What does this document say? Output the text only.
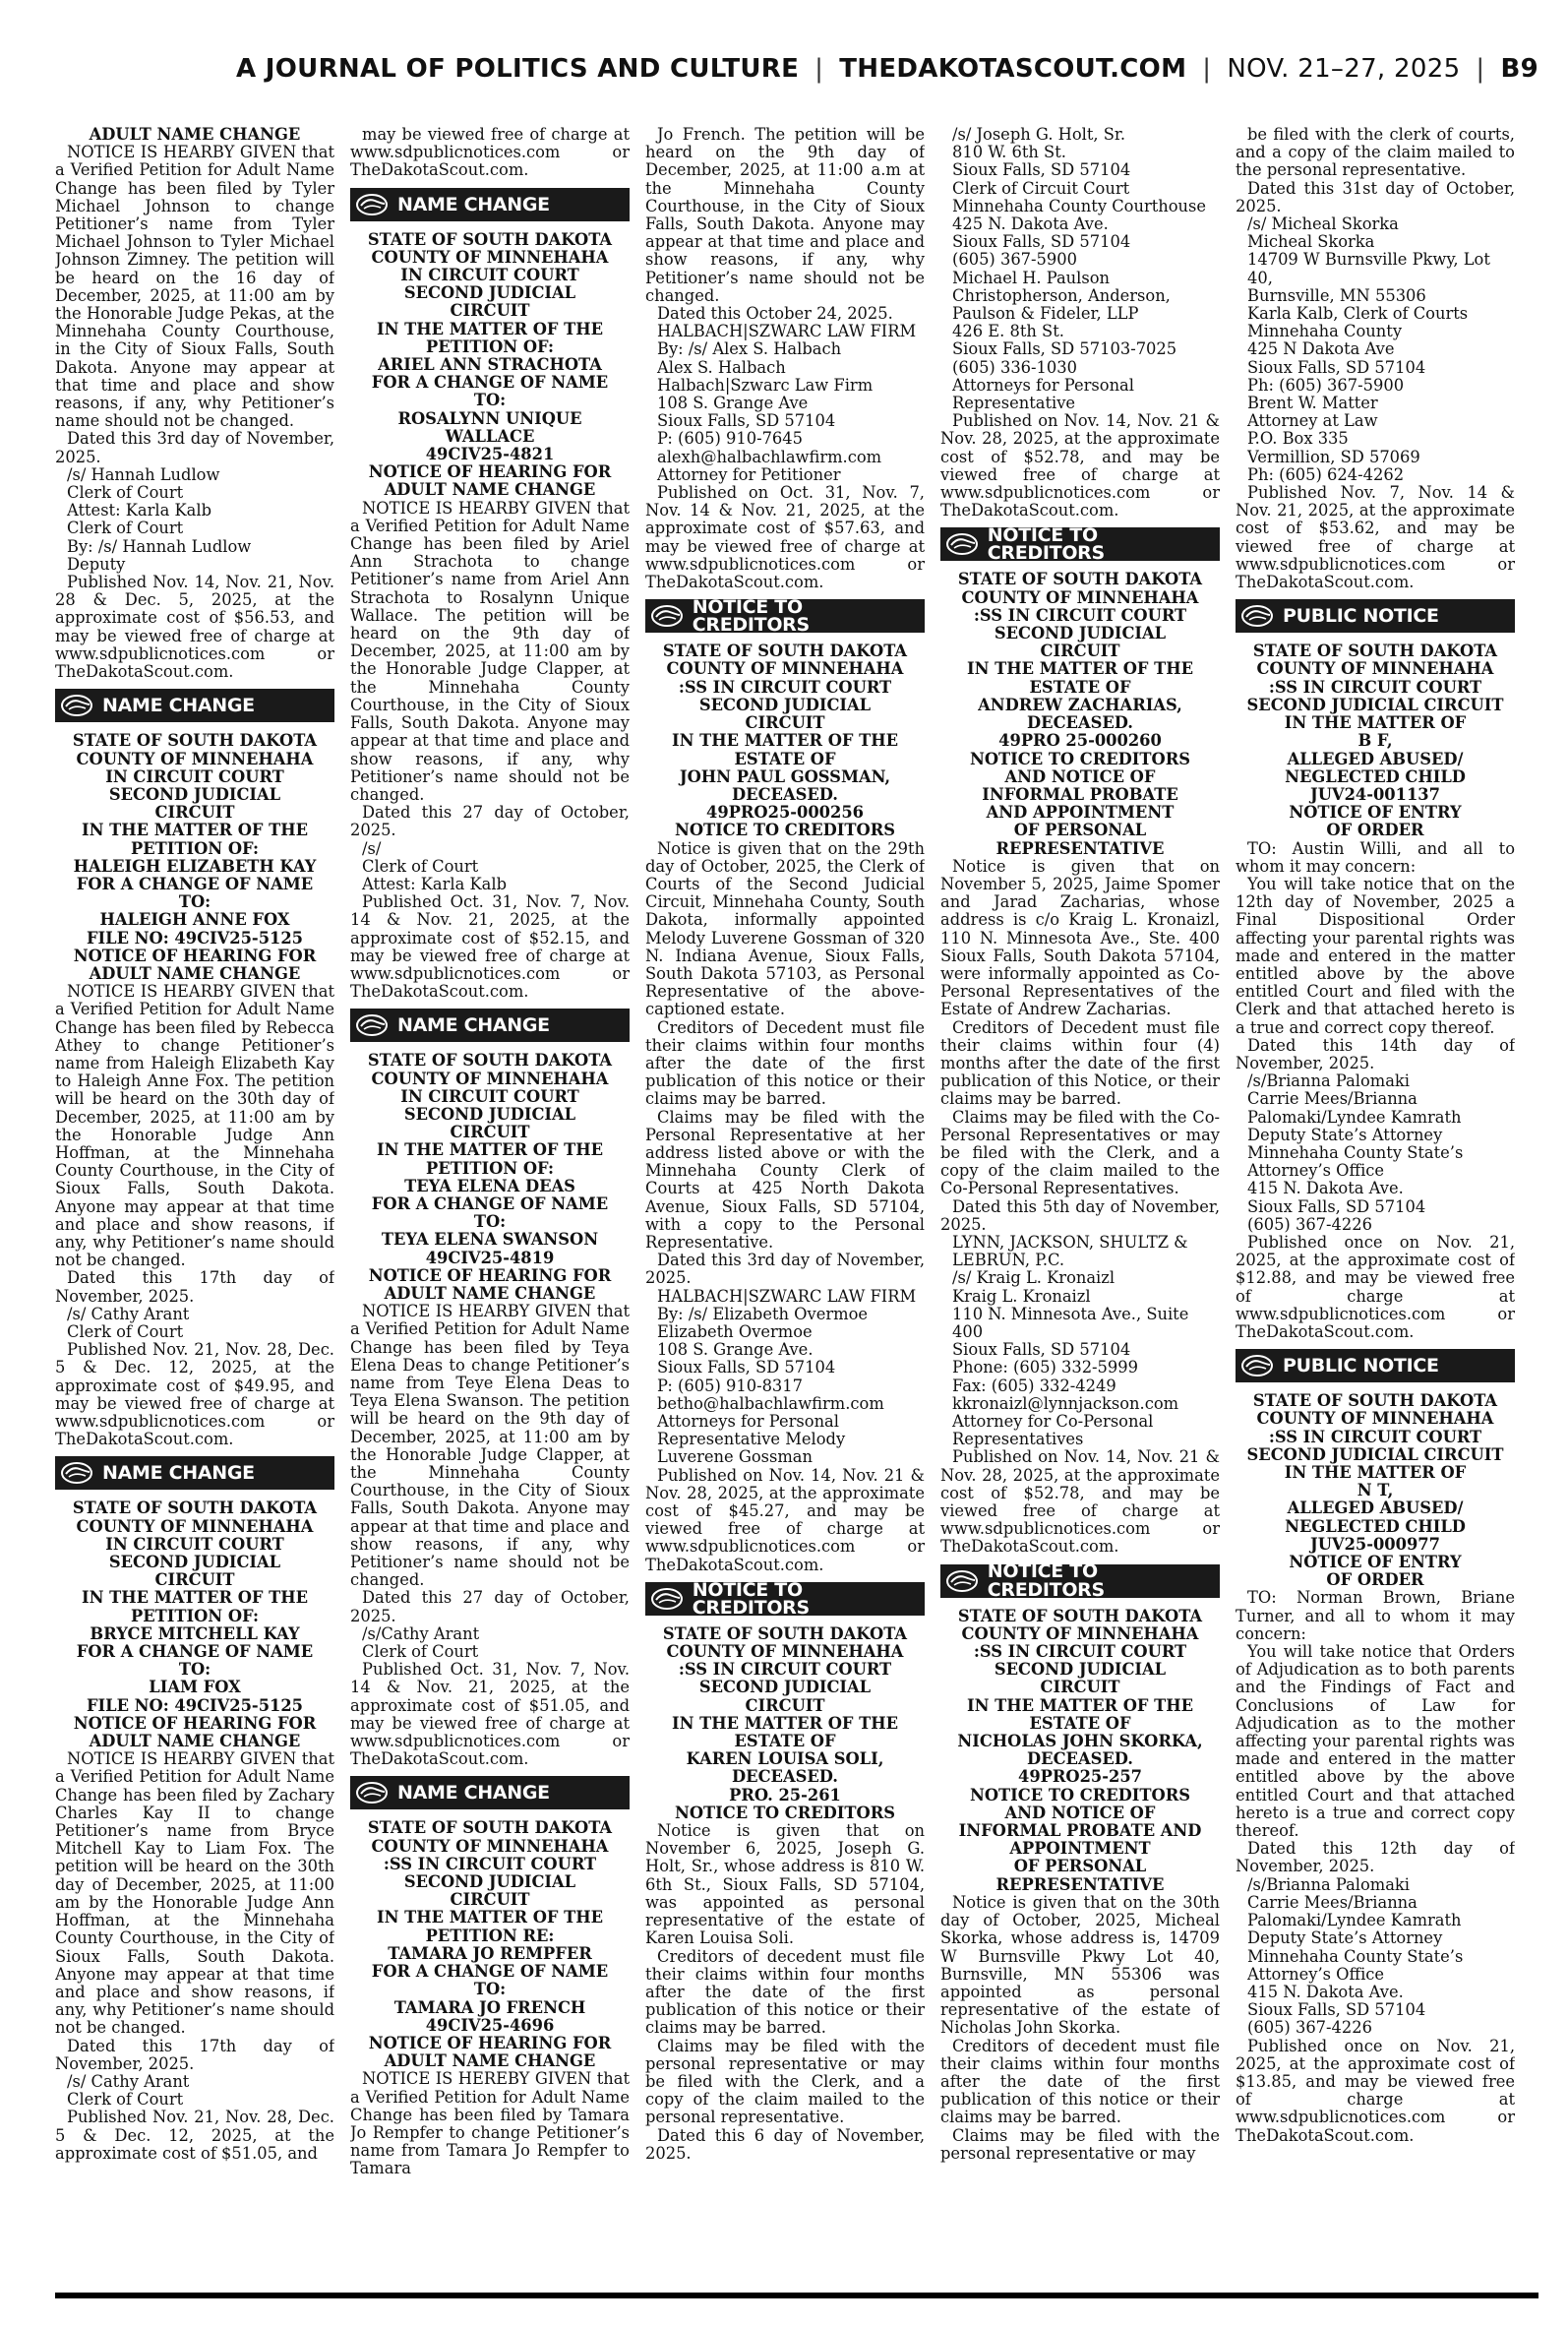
A JOURNAL OF POLITICS AND CULTURE | THEDAKOTASCOUT.COM | NOV. 21–27, 2025 | B9
ADULT NAME CHANGE
NOTICE IS HEARBY GIVEN that a Verified Petition for Adult Name Change has been filed by Tyler Michael Johnson to change Petitioner’s name from Tyler Michael Johnson to Tyler Michael Johnson Zimney. The petition will be heard on the 16 day of December, 2025, at 11:00 am by the Honorable Judge Pekas, at the Minnehaha County Courthouse, in the City of Sioux Falls, South Dakota. Anyone may appear at that time and place and show reasons, if any, why Petitioner’s name should not be changed.
Dated this 3rd day of November, 2025.
/s/ Hannah Ludlow
Clerk of Court
Attest: Karla Kalb
Clerk of Court
By: /s/ Hannah Ludlow
Deputy
Published Nov. 14, Nov. 21, Nov. 28 & Dec. 5, 2025, at the approximate cost of $56.53, and may be viewed free of charge at www.sdpublicnotices.com or TheDakotaScout.com.
NAME CHANGE
STATE OF SOUTH DAKOTA
COUNTY OF MINNEHAHA
IN CIRCUIT COURT
SECOND JUDICIAL
CIRCUIT
IN THE MATTER OF THE
PETITION OF:
HALEIGH ELIZABETH KAY
FOR A CHANGE OF NAME
TO:
HALEIGH ANNE FOX
FILE NO: 49CIV25-5125
NOTICE OF HEARING FOR
ADULT NAME CHANGE
NOTICE IS HEARBY GIVEN that a Verified Petition for Adult Name Change has been filed by Rebecca Athey to change Petitioner’s name from Haleigh Elizabeth Kay to Haleigh Anne Fox. The petition will be heard on the 30th day of December, 2025, at 11:00 am by the Honorable Judge Ann Hoffman, at the Minnehaha County Courthouse, in the City of Sioux Falls, South Dakota. Anyone may appear at that time and place and show reasons, if any, why Petitioner’s name should not be changed.
Dated this 17th day of November, 2025.
/s/ Cathy Arant
Clerk of Court
Published Nov. 21, Nov. 28, Dec. 5 & Dec. 12, 2025, at the approximate cost of $49.95, and may be viewed free of charge at www.sdpublicnotices.com or TheDakotaScout.com.
NAME CHANGE
STATE OF SOUTH DAKOTA
COUNTY OF MINNEHAHA
IN CIRCUIT COURT
SECOND JUDICIAL
CIRCUIT
IN THE MATTER OF THE
PETITION OF:
BRYCE MITCHELL KAY
FOR A CHANGE OF NAME
TO:
LIAM FOX
FILE NO: 49CIV25-5125
NOTICE OF HEARING FOR
ADULT NAME CHANGE
NOTICE IS HEARBY GIVEN that a Verified Petition for Adult Name Change has been filed by Zachary Charles Kay II to change Petitioner’s name from Bryce Mitchell Kay to Liam Fox. The petition will be heard on the 30th day of December, 2025, at 11:00 am by the Honorable Judge Ann Hoffman, at the Minnehaha County Courthouse, in the City of Sioux Falls, South Dakota. Anyone may appear at that time and place and show reasons, if any, why Petitioner’s name should not be changed.
Dated this 17th day of November, 2025.
/s/ Cathy Arant
Clerk of Court
Published Nov. 21, Nov. 28, Dec. 5 & Dec. 12, 2025, at the approximate cost of $51.05, and
may be viewed free of charge at www.sdpublicnotices.com or TheDakotaScout.com.
NAME CHANGE
STATE OF SOUTH DAKOTA
COUNTY OF MINNEHAHA
IN CIRCUIT COURT
SECOND JUDICIAL
CIRCUIT
IN THE MATTER OF THE
PETITION OF:
ARIEL ANN STRACHOTA
FOR A CHANGE OF NAME
TO:
ROSALYNN UNIQUE
WALLACE
49CIV25-4821
NOTICE OF HEARING FOR
ADULT NAME CHANGE
NOTICE IS HEARBY GIVEN that a Verified Petition for Adult Name Change has been filed by Ariel Ann Strachota to change Petitioner’s name from Ariel Ann Strachota to Rosalynn Unique Wallace. The petition will be heard on the 9th day of December, 2025, at 11:00 am by the Honorable Judge Clapper, at the Minnehaha County Courthouse, in the City of Sioux Falls, South Dakota. Anyone may appear at that time and place and show reasons, if any, why Petitioner’s name should not be changed.
Dated this 27 day of October, 2025.
/s/
Clerk of Court
Attest: Karla Kalb
Published Oct. 31, Nov. 7, Nov. 14 & Nov. 21, 2025, at the approximate cost of $52.15, and may be viewed free of charge at www.sdpublicnotices.com or TheDakotaScout.com.
NAME CHANGE
STATE OF SOUTH DAKOTA
COUNTY OF MINNEHAHA
IN CIRCUIT COURT
SECOND JUDICIAL
CIRCUIT
IN THE MATTER OF THE
PETITION OF:
TEYA ELENA DEAS
FOR A CHANGE OF NAME
TO:
TEYA ELENA SWANSON
49CIV25-4819
NOTICE OF HEARING FOR
ADULT NAME CHANGE
NOTICE IS HEARBY GIVEN that a Verified Petition for Adult Name Change has been filed by Teya Elena Deas to change Petitioner’s name from Teye Elena Deas to Teya Elena Swanson. The petition will be heard on the 9th day of December, 2025, at 11:00 am by the Honorable Judge Clapper, at the Minnehaha County Courthouse, in the City of Sioux Falls, South Dakota. Anyone may appear at that time and place and show reasons, if any, why Petitioner’s name should not be changed.
Dated this 27 day of October, 2025.
/s/Cathy Arant
Clerk of Court
Published Oct. 31, Nov. 7, Nov. 14 & Nov. 21, 2025, at the approximate cost of $51.05, and may be viewed free of charge at www.sdpublicnotices.com or TheDakotaScout.com.
NAME CHANGE
STATE OF SOUTH DAKOTA
COUNTY OF MINNEHAHA
:SS IN CIRCUIT COURT
SECOND JUDICIAL
CIRCUIT
IN THE MATTER OF THE
PETITION RE:
TAMARA JO REMPFER
FOR A CHANGE OF NAME
TO:
TAMARA JO FRENCH
49CIV25-4696
NOTICE OF HEARING FOR
ADULT NAME CHANGE
NOTICE IS HEREBY GIVEN that a Verified Petition for Adult Name Change has been filed by Tamara Jo Rempfer to change Petitioner’s name from Tamara Jo Rempfer to Tamara
Jo French. The petition will be heard on the 9th day of December, 2025, at 11:00 a.m at the Minnehaha County Courthouse, in the City of Sioux Falls, South Dakota. Anyone may appear at that time and place and show reasons, if any, why Petitioner’s name should not be changed.
Dated this October 24, 2025.
HALBACH|SZWARC LAW FIRM
By: /s/ Alex S. Halbach
Alex S. Halbach
Halbach|Szwarc Law Firm
108 S. Grange Ave
Sioux Falls, SD 57104
P: (605) 910-7645
alexh@halbachlawfirm.com
Attorney for Petitioner
Published on Oct. 31, Nov. 7, Nov. 14 & Nov. 21, 2025, at the approximate cost of $57.63, and may be viewed free of charge at www.sdpublicnotices.com or TheDakotaScout.com.
NOTICE TO CREDITORS
STATE OF SOUTH DAKOTA
COUNTY OF MINNEHAHA
:SS IN CIRCUIT COURT
SECOND JUDICIAL
CIRCUIT
IN THE MATTER OF THE
ESTATE OF
JOHN PAUL GOSSMAN,
DECEASED.
49PRO25-000256
NOTICE TO CREDITORS
Notice is given that on the 29th day of October, 2025, the Clerk of Courts of the Second Judicial Circuit, Minnehaha County, South Dakota, informally appointed Melody Luverene Gossman of 320 N. Indiana Avenue, Sioux Falls, South Dakota 57103, as Personal Representative of the above-captioned estate.
Creditors of Decedent must file their claims within four months after the date of the first publication of this notice or their claims may be barred.
Claims may be filed with the Personal Representative at her address listed above or with the Minnehaha County Clerk of Courts at 425 North Dakota Avenue, Sioux Falls, SD 57104, with a copy to the Personal Representative.
Dated this 3rd day of November, 2025.
HALBACH|SZWARC LAW FIRM
By: /s/ Elizabeth Overmoe
Elizabeth Overmoe
108 S. Grange Ave.
Sioux Falls, SD 57104
P: (605) 910-8317
betho@halbachlawfirm.com
Attorneys for Personal Representative Melody Luverene Gossman
Published on Nov. 14, Nov. 21 & Nov. 28, 2025, at the approximate cost of $45.27, and may be viewed free of charge at www.sdpublicnotices.com or TheDakotaScout.com.
NOTICE TO CREDITORS
STATE OF SOUTH DAKOTA
COUNTY OF MINNEHAHA
:SS IN CIRCUIT COURT
SECOND JUDICIAL
CIRCUIT
IN THE MATTER OF THE
ESTATE OF
KAREN LOUISA SOLI,
DECEASED.
PRO. 25-261
NOTICE TO CREDITORS
Notice is given that on November 6, 2025, Joseph G. Holt, Sr., whose address is 810 W. 6th St., Sioux Falls, SD 57104, was appointed as personal representative of the estate of Karen Louisa Soli.
Creditors of decedent must file their claims within four months after the date of the first publication of this notice or their claims may be barred.
Claims may be filed with the personal representative or may be filed with the Clerk, and a copy of the claim mailed to the personal representative.
Dated this 6 day of November, 2025.
/s/ Joseph G. Holt, Sr.
810 W. 6th St.
Sioux Falls, SD 57104
Clerk of Circuit Court
Minnehaha County Courthouse
425 N. Dakota Ave.
Sioux Falls, SD 57104
(605) 367-5900
Michael H. Paulson
Christopherson, Anderson, Paulson & Fideler, LLP
426 E. 8th St.
Sioux Falls, SD 57103-7025
(605) 336-1030
Attorneys for Personal Representative
Published on Nov. 14, Nov. 21 & Nov. 28, 2025, at the approximate cost of $52.78, and may be viewed free of charge at www.sdpublicnotices.com or TheDakotaScout.com.
NOTICE TO CREDITORS
STATE OF SOUTH DAKOTA
COUNTY OF MINNEHAHA
:SS IN CIRCUIT COURT
SECOND JUDICIAL
CIRCUIT
IN THE MATTER OF THE
ESTATE OF
ANDREW ZACHARIAS,
DECEASED.
49PRO 25-000260
NOTICE TO CREDITORS
AND NOTICE OF
INFORMAL PROBATE
AND APPOINTMENT
OF PERSONAL
REPRESENTATIVE
Notice is given that on November 5, 2025, Jaime Spomer and Jarad Zacharias, whose address is c/o Kraig L. Kronaizl, 110 N. Minnesota Ave., Ste. 400 Sioux Falls, South Dakota 57104, were informally appointed as Co-Personal Representatives of the Estate of Andrew Zacharias.
Creditors of Decedent must file their claims within four (4) months after the date of the first publication of this Notice, or their claims may be barred.
Claims may be filed with the Co-Personal Representatives or may be filed with the Clerk, and a copy of the claim mailed to the Co-Personal Representatives.
Dated this 5th day of November, 2025.
LYNN, JACKSON, SHULTZ & LEBRUN, P.C.
/s/ Kraig L. Kronaizl
Kraig L. Kronaizl
110 N. Minnesota Ave., Suite 400
Sioux Falls, SD 57104
Phone: (605) 332-5999
Fax: (605) 332-4249
kkronaizl@lynnjackson.com
Attorney for Co-Personal Representatives
Published on Nov. 14, Nov. 21 & Nov. 28, 2025, at the approximate cost of $52.78, and may be viewed free of charge at www.sdpublicnotices.com or TheDakotaScout.com.
NOTICE TO CREDITORS
STATE OF SOUTH DAKOTA
COUNTY OF MINNEHAHA
:SS IN CIRCUIT COURT
SECOND JUDICIAL
CIRCUIT
IN THE MATTER OF THE
ESTATE OF
NICHOLAS JOHN SKORKA,
DECEASED.
49PRO25-257
NOTICE TO CREDITORS
AND NOTICE OF
INFORMAL PROBATE AND
APPOINTMENT
OF PERSONAL
REPRESENTATIVE
Notice is given that on the 30th day of October, 2025, Micheal Skorka, whose address is, 14709 W Burnsville Pkwy Lot 40, Burnsville, MN 55306 was appointed as personal representative of the estate of Nicholas John Skorka.
Creditors of decedent must file their claims within four months after the date of the first publication of this notice or their claims may be barred.
Claims may be filed with the personal representative or may
be filed with the clerk of courts, and a copy of the claim mailed to the personal representative.
Dated this 31st day of October, 2025.
/s/ Micheal Skorka
Micheal Skorka
14709 W Burnsville Pkwy, Lot 40,
Burnsville, MN 55306
Karla Kalb, Clerk of Courts
Minnehaha County
425 N Dakota Ave
Sioux Falls, SD 57104
Ph: (605) 367-5900
Brent W. Matter
Attorney at Law
P.O. Box 335
Vermillion, SD 57069
Ph: (605) 624-4262
Published Nov. 7, Nov. 14 & Nov. 21, 2025, at the approximate cost of $53.62, and may be viewed free of charge at www.sdpublicnotices.com or TheDakotaScout.com.
PUBLIC NOTICE
STATE OF SOUTH DAKOTA
COUNTY OF MINNEHAHA
:SS IN CIRCUIT COURT
SECOND JUDICIAL CIRCUIT
IN THE MATTER OF
B F,
ALLEGED ABUSED/
NEGLECTED CHILD
JUV24-001137
NOTICE OF ENTRY
OF ORDER
TO: Austin Willi, and all to whom it may concern:
You will take notice that on the 12th day of November, 2025 a Final Dispositional Order affecting your parental rights was made and entered in the matter entitled above by the above entitled Court and filed with the Clerk and that attached hereto is a true and correct copy thereof.
Dated this 14th day of November, 2025.
/s/Brianna Palomaki
Carrie Mees/Brianna Palomaki/Lyndee Kamrath
Deputy State’s Attorney
Minnehaha County State’s Attorney’s Office
415 N. Dakota Ave.
Sioux Falls, SD 57104
(605) 367-4226
Published once on Nov. 21, 2025, at the approximate cost of $12.88, and may be viewed free of charge at www.sdpublicnotices.com or TheDakotaScout.com.
PUBLIC NOTICE
STATE OF SOUTH DAKOTA
COUNTY OF MINNEHAHA
:SS IN CIRCUIT COURT
SECOND JUDICIAL CIRCUIT
IN THE MATTER OF
N T,
ALLEGED ABUSED/
NEGLECTED CHILD
JUV25-000977
NOTICE OF ENTRY
OF ORDER
TO: Norman Brown, Briane Turner, and all to whom it may concern:
You will take notice that Orders of Adjudication as to both parents and the Findings of Fact and Conclusions of Law for Adjudication as to the mother affecting your parental rights was made and entered in the matter entitled above by the above entitled Court and that attached hereto is a true and correct copy thereof.
Dated this 12th day of November, 2025.
/s/Brianna Palomaki
Carrie Mees/Brianna Palomaki/Lyndee Kamrath
Deputy State’s Attorney
Minnehaha County State’s Attorney’s Office
415 N. Dakota Ave.
Sioux Falls, SD 57104
(605) 367-4226
Published once on Nov. 21, 2025, at the approximate cost of $13.85, and may be viewed free of charge at www.sdpublicnotices.com or TheDakotaScout.com.
